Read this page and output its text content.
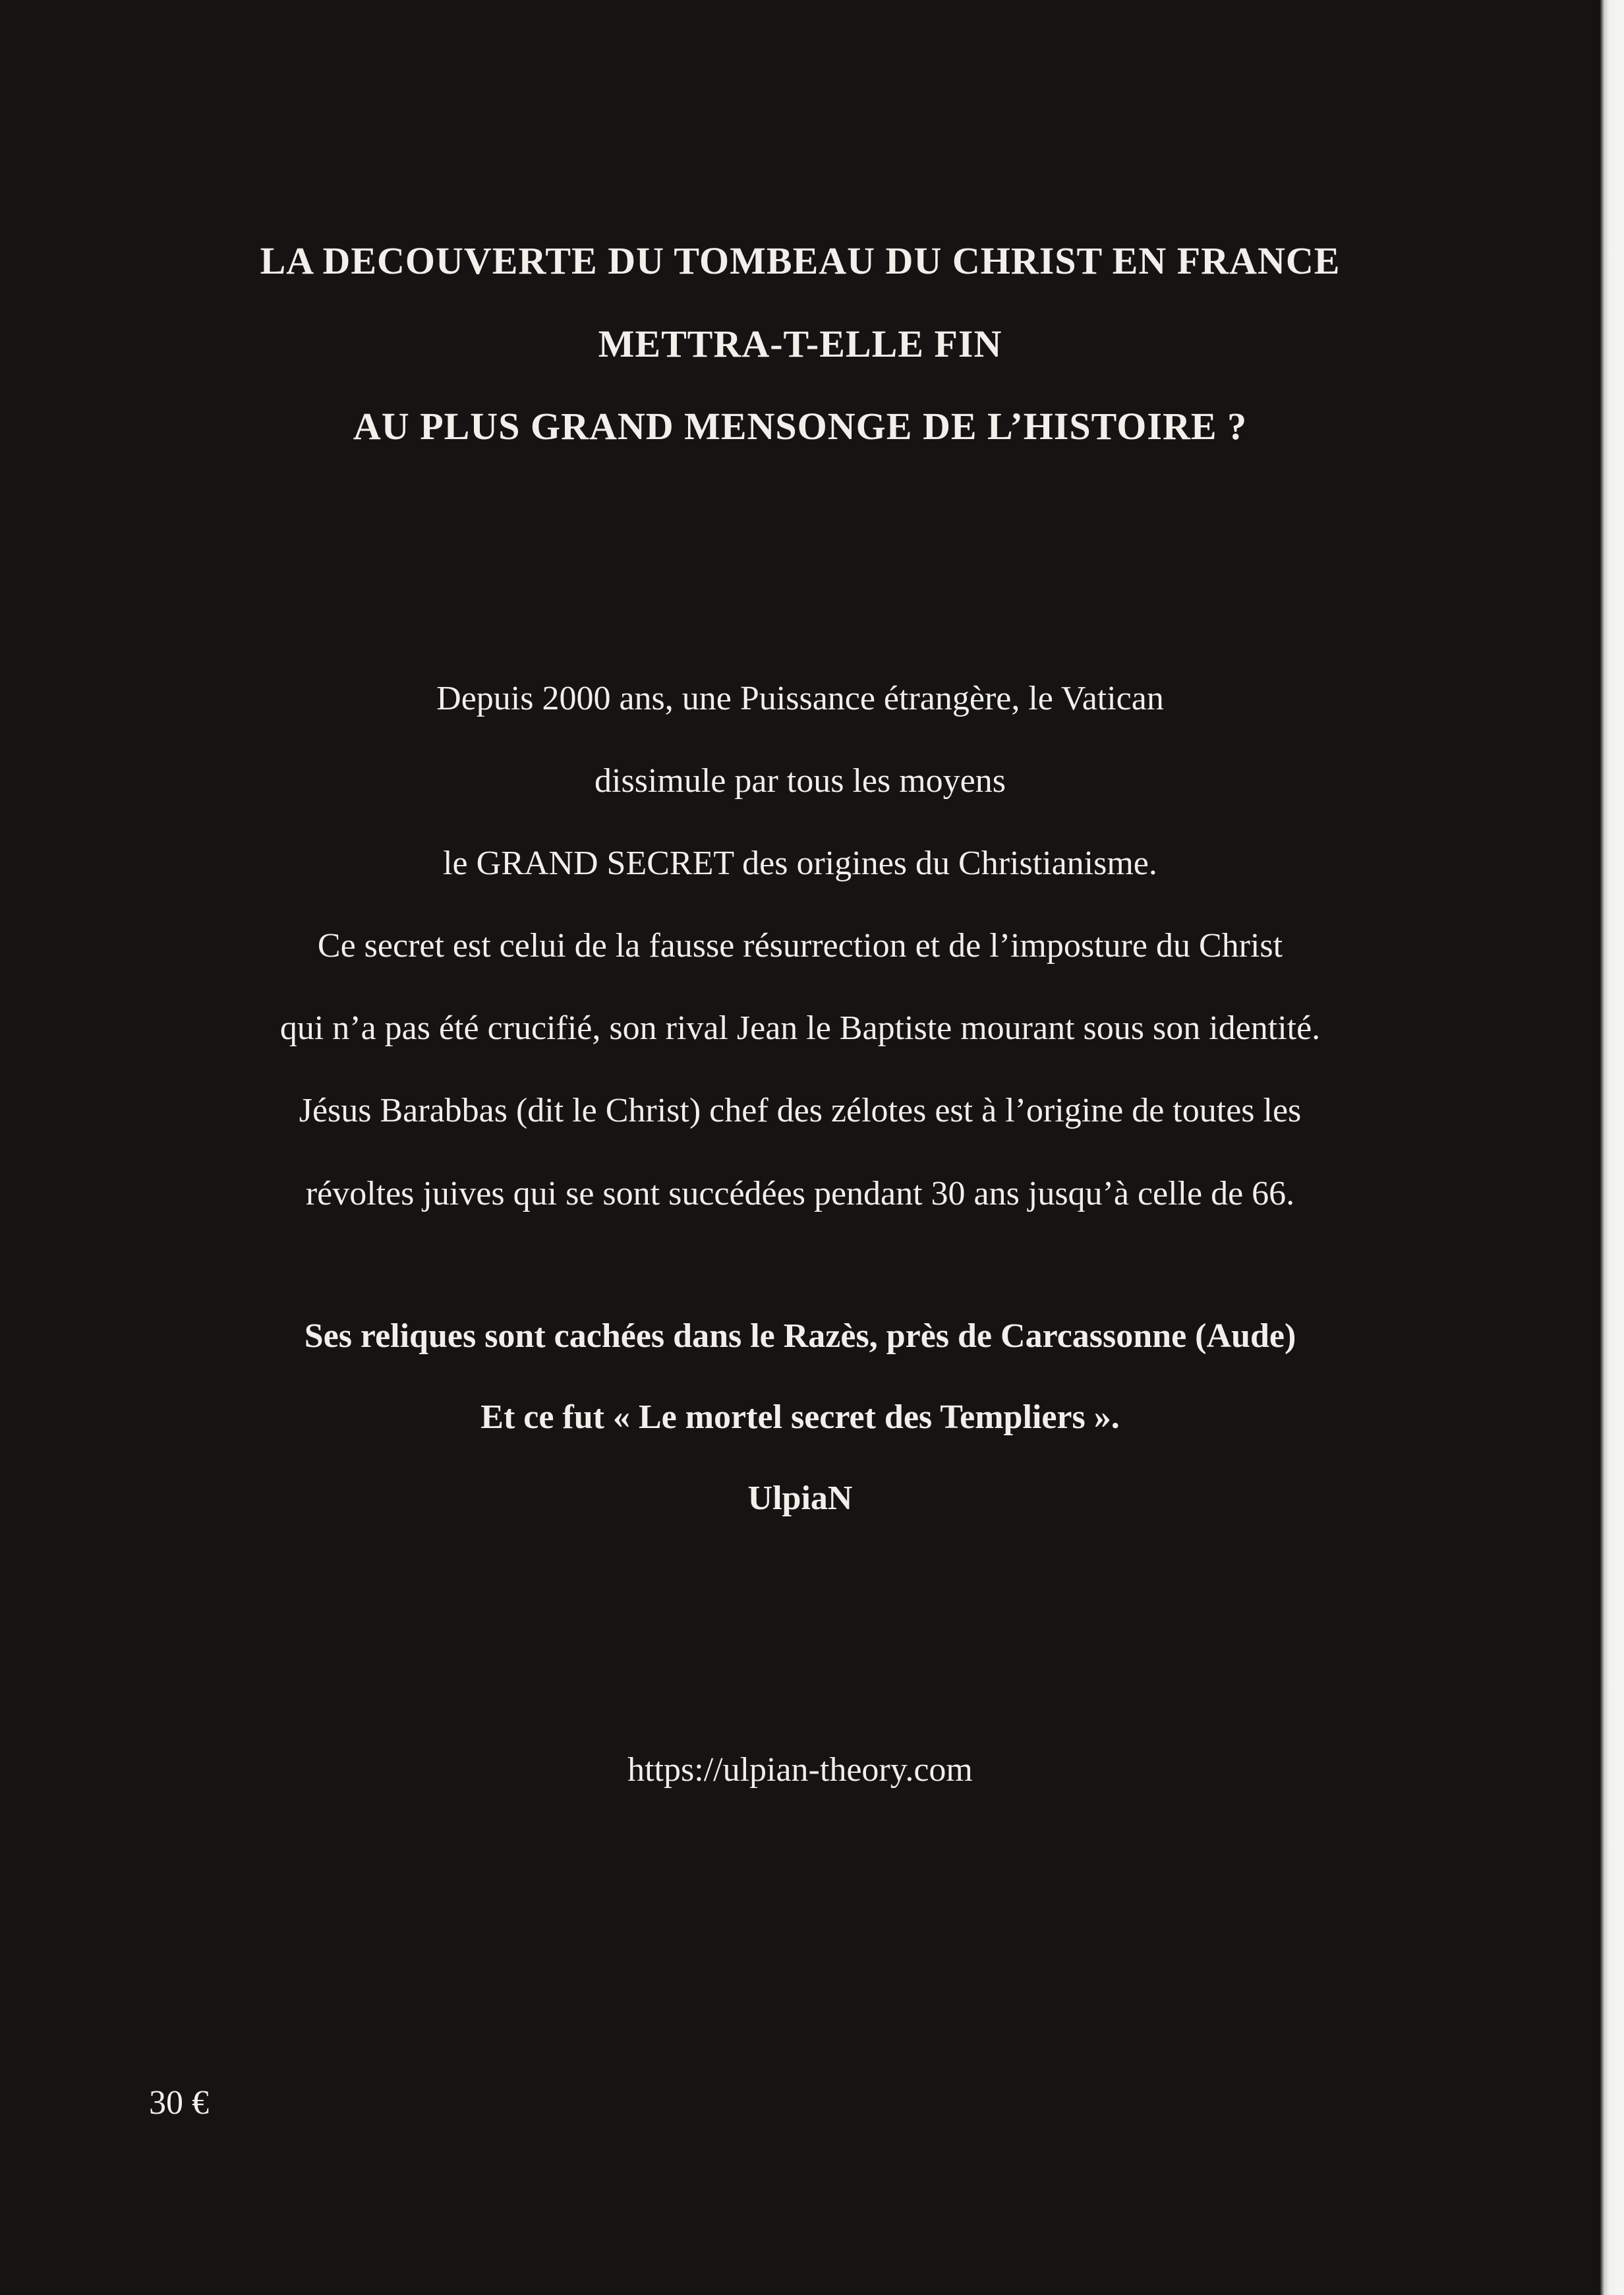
LA DECOUVERTE DU TOMBEAU DU CHRIST EN FRANCE
METTRA-T-ELLE FIN
AU PLUS GRAND MENSONGE DE L’HISTOIRE ?
Depuis 2000 ans, une Puissance étrangère, le Vatican
dissimule par tous les moyens
le GRAND SECRET des origines du Christianisme.
Ce secret est celui de la fausse résurrection et de l’imposture du Christ
qui n’a pas été crucifié, son rival Jean le Baptiste mourant sous son identité.
Jésus Barabbas (dit le Christ) chef des zélotes est à l’origine de toutes les
révoltes juives qui se sont succédées pendant 30 ans jusqu’à celle de 66.
Ses reliques sont cachées dans le Razès, près de Carcassonne (Aude)
Et ce fut « Le mortel secret des Templiers ».
UlpiaN
https://ulpian-theory.com
30 €
